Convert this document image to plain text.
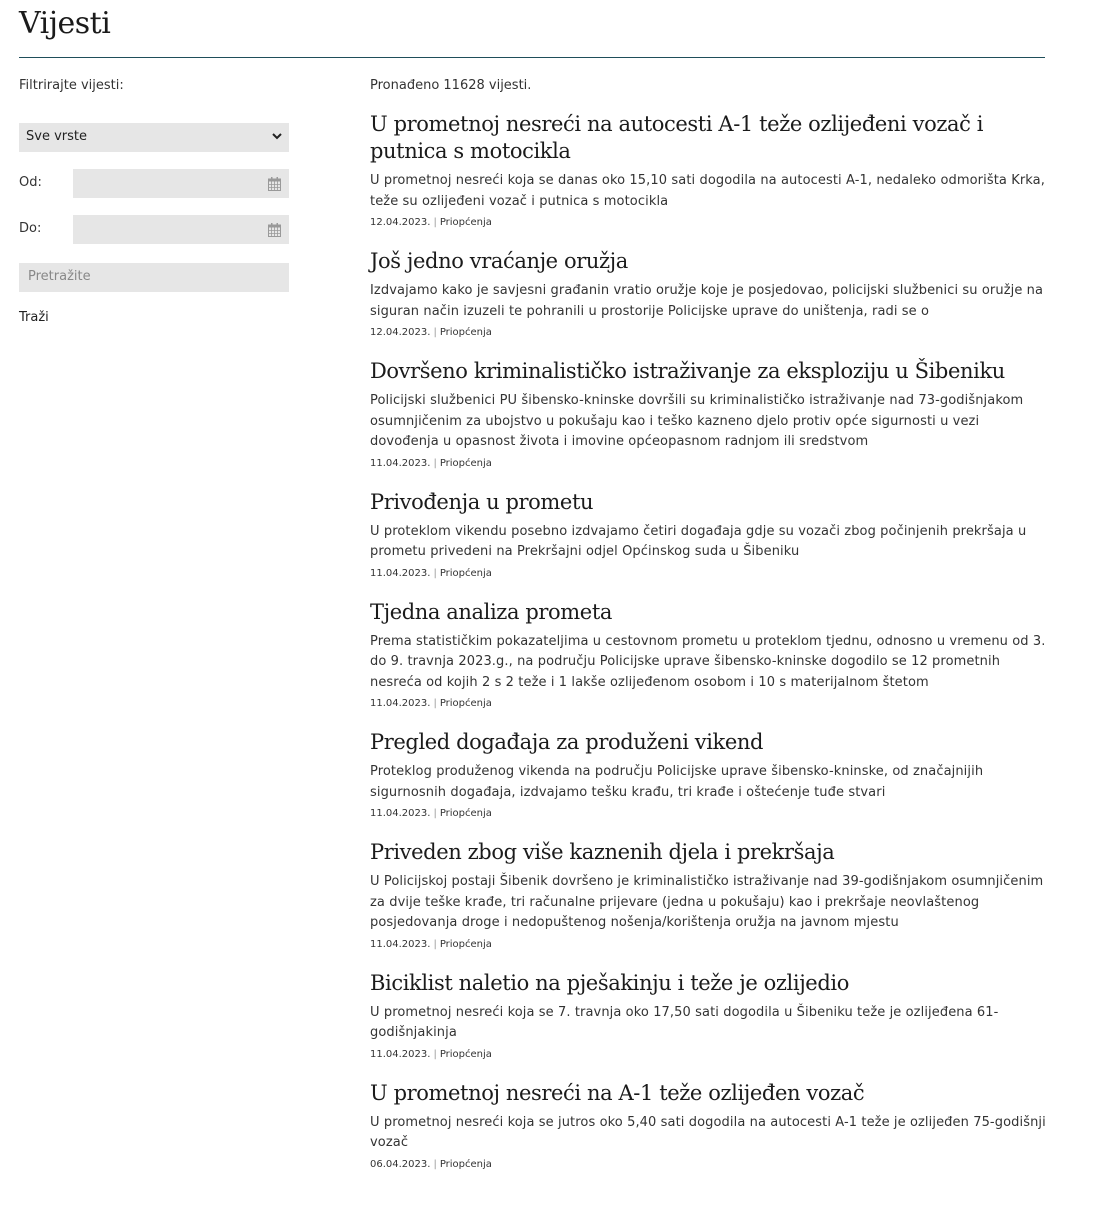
Vijesti
Filtrirajte vijesti:
Sve vrste
Od:
Do:
Pretražite
Traži
Pronađeno 11628 vijesti.
U prometnoj nesreći na autocesti A-1 teže ozlijeđeni vozač i putnica s motocikla

U prometnoj nesreći koja se danas oko 15,10 sati dogodila na autocesti A-1, nedaleko odmorišta Krka, teže su ozlijeđeni vozač i putnica s motocikla

12.04.2023. | Priopćenja
Još jedno vraćanje oružja

Izdvajamo kako je savjesni građanin vratio oružje koje je posjedovao, policijski službenici su oružje na siguran način izuzeli te pohranili u prostorije Policijske uprave do uništenja, radi se o

12.04.2023. | Priopćenja
Dovršeno kriminalističko istraživanje za eksploziju u Šibeniku

Policijski službenici PU šibensko-kninske dovršili su kriminalističko istraživanje nad 73-godišnjakom osumnjičenim za ubojstvo u pokušaju kao i teško kazneno djelo protiv opće sigurnosti u vezi dovođenja u opasnost života i imovine općeopasnom radnjom ili sredstvom

11.04.2023. | Priopćenja
Privođenja u prometu

U proteklom vikendu posebno izdvajamo četiri događaja gdje su vozači zbog počinjenih prekršaja u prometu privedeni na Prekršajni odjel Općinskog suda u Šibeniku

11.04.2023. | Priopćenja
Tjedna analiza prometa

Prema statističkim pokazateljima u cestovnom prometu u proteklom tjednu, odnosno u vremenu od 3. do 9. travnja 2023.g., na području Policijske uprave šibensko-kninske dogodilo se 12 prometnih nesreća od kojih 2 s 2 teže i 1 lakše ozlijeđenom osobom i 10 s materijalnom štetom

11.04.2023. | Priopćenja
Pregled događaja za produženi vikend

Proteklog produženog vikenda na području Policijske uprave šibensko-kninske, od značajnijih sigurnosnih događaja, izdvajamo tešku krađu, tri krađe i oštećenje tuđe stvari

11.04.2023. | Priopćenja
Priveden zbog više kaznenih djela i prekršaja

U Policijskoj postaji Šibenik dovršeno je kriminalističko istraživanje nad 39-godišnjakom osumnjičenim za dvije teške krađe, tri računalne prijevare (jedna u pokušaju) kao i prekršaje neovlaštenog posjedovanja droge i nedopuštenog nošenja/korištenja oružja na javnom mjestu

11.04.2023. | Priopćenja
Biciklist naletio na pješakinju i teže je ozlijedio

U prometnoj nesreći koja se 7. travnja oko 17,50 sati dogodila u Šibeniku teže je ozlijeđena 61-godišnjakinja

11.04.2023. | Priopćenja
U prometnoj nesreći na A-1 teže ozlijeđen vozač

U prometnoj nesreći koja se jutros oko 5,40 sati dogodila na autocesti A-1 teže je ozlijeđen 75-godišnji vozač

06.04.2023. | Priopćenja
